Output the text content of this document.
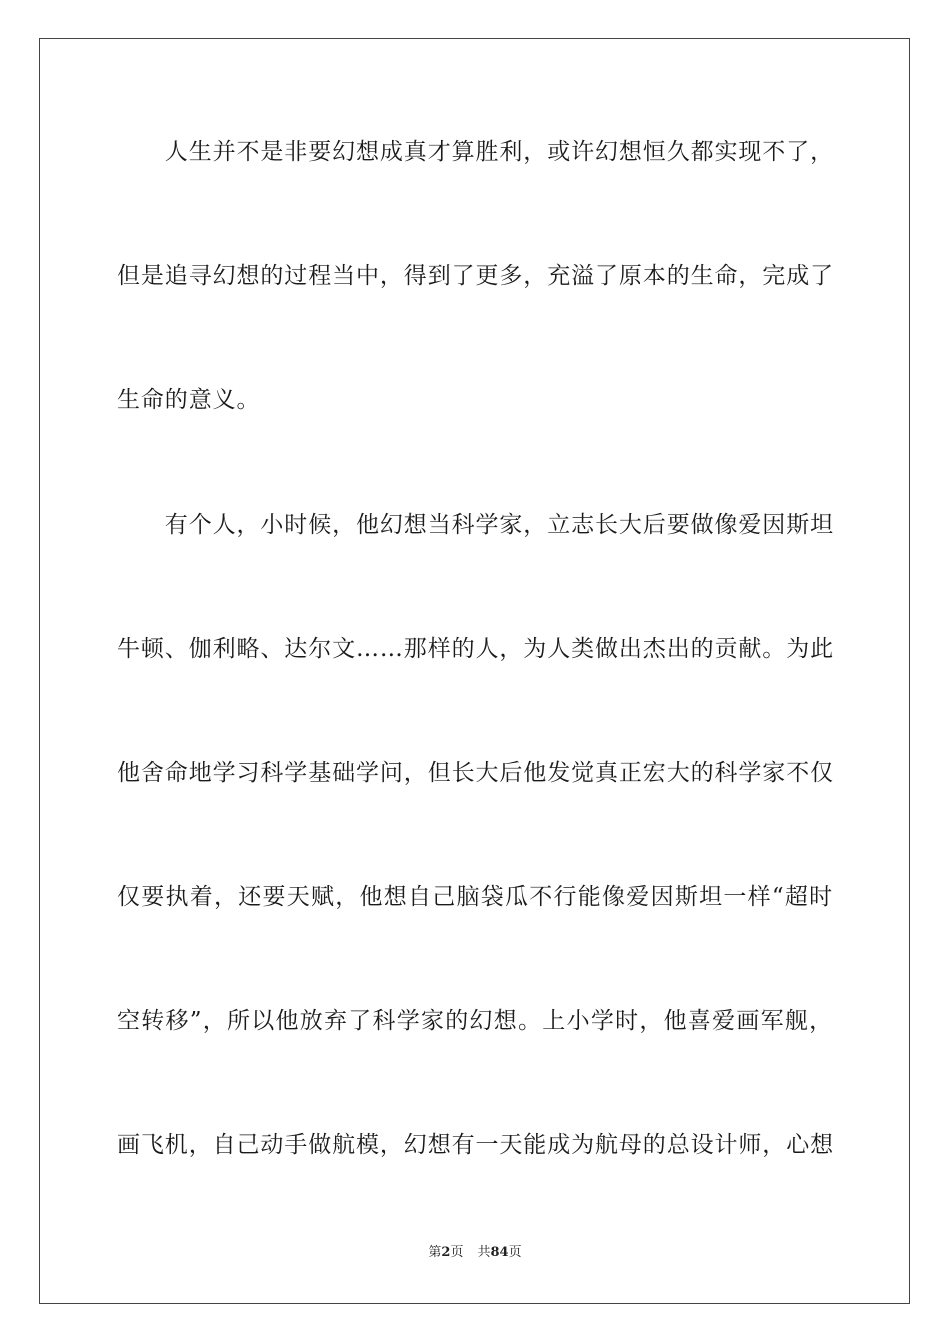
　　人生并不是非要幻想成真才算胜利，或许幻想恒久都实现不了，
但是追寻幻想的过程当中，得到了更多，充溢了原本的生命，完成了
生命的意义。
　　有个人，小时候，他幻想当科学家，立志长大后要做像爱因斯坦
牛顿、伽利略、达尔文……那样的人，为人类做出杰出的贡献。为此
他舍命地学习科学基础学问，但长大后他发觉真正宏大的科学家不仅
仅要执着，还要天赋，他想自己脑袋瓜不行能像爱因斯坦一样“超时
空转移”，所以他放弃了科学家的幻想。上小学时，他喜爱画军舰，
画飞机，自己动手做航模，幻想有一天能成为航母的总设计师，心想
第2页 共84页
